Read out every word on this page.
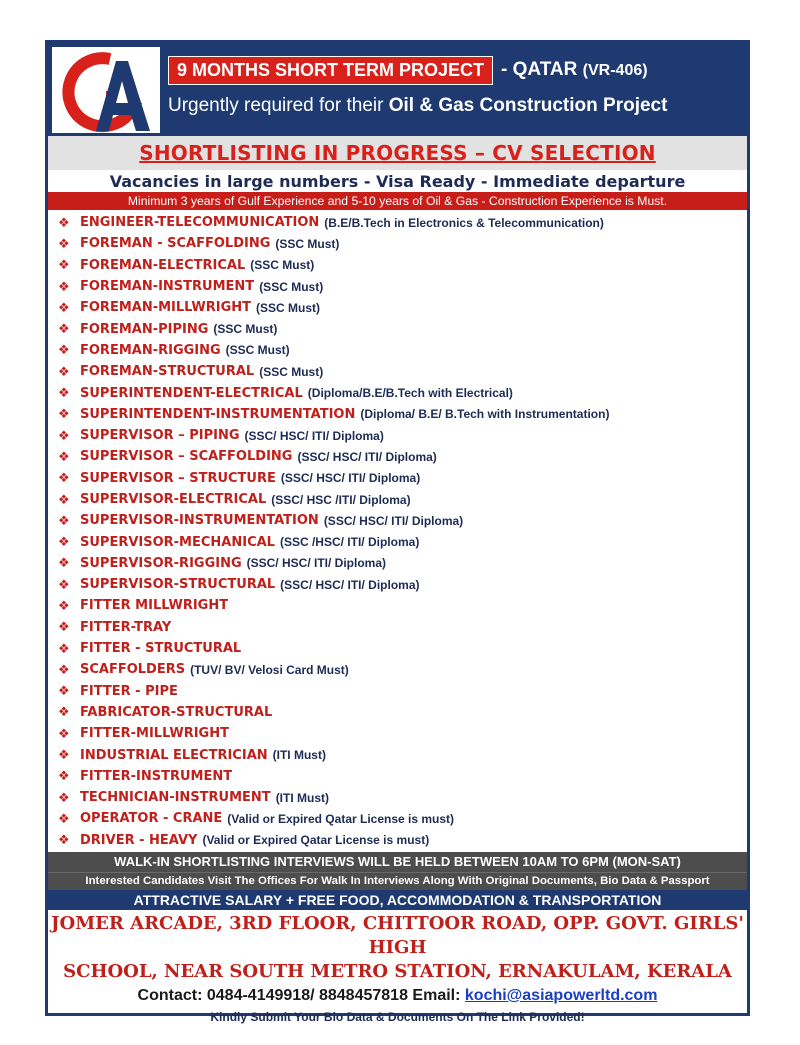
9 MONTHS SHORT TERM PROJECT - QATAR (VR-406)
Urgently required for their Oil & Gas Construction Project
SHORTLISTING IN PROGRESS – CV SELECTION
Vacancies in large numbers - Visa Ready - Immediate departure
Minimum 3 years of Gulf Experience and 5-10 years of Oil & Gas - Construction Experience is Must.
❖ ENGINEER-TELECOMMUNICATION (B.E/B.Tech in Electronics & Telecommunication)
❖ FOREMAN - SCAFFOLDING (SSC Must)
❖ FOREMAN-ELECTRICAL (SSC Must)
❖ FOREMAN-INSTRUMENT (SSC Must)
❖ FOREMAN-MILLWRIGHT (SSC Must)
❖ FOREMAN-PIPING (SSC Must)
❖ FOREMAN-RIGGING (SSC Must)
❖ FOREMAN-STRUCTURAL (SSC Must)
❖ SUPERINTENDENT-ELECTRICAL (Diploma/B.E/B.Tech with Electrical)
❖ SUPERINTENDENT-INSTRUMENTATION (Diploma/ B.E/ B.Tech with Instrumentation)
❖ SUPERVISOR – PIPING (SSC/ HSC/ ITI/ Diploma)
❖ SUPERVISOR – SCAFFOLDING (SSC/ HSC/ ITI/ Diploma)
❖ SUPERVISOR – STRUCTURE (SSC/ HSC/ ITI/ Diploma)
❖ SUPERVISOR-ELECTRICAL (SSC/ HSC /ITI/ Diploma)
❖ SUPERVISOR-INSTRUMENTATION (SSC/ HSC/ ITI/ Diploma)
❖ SUPERVISOR-MECHANICAL (SSC /HSC/ ITI/ Diploma)
❖ SUPERVISOR-RIGGING (SSC/ HSC/ ITI/ Diploma)
❖ SUPERVISOR-STRUCTURAL (SSC/ HSC/ ITI/ Diploma)
❖ FITTER MILLWRIGHT
❖ FITTER-TRAY
❖ FITTER - STRUCTURAL
❖ SCAFFOLDERS (TUV/ BV/ Velosi Card Must)
❖ FITTER - PIPE
❖ FABRICATOR-STRUCTURAL
❖ FITTER-MILLWRIGHT
❖ INDUSTRIAL ELECTRICIAN (ITI Must)
❖ FITTER-INSTRUMENT
❖ TECHNICIAN-INSTRUMENT (ITI Must)
❖ OPERATOR - CRANE (Valid or Expired Qatar License is must)
❖ DRIVER - HEAVY (Valid or Expired Qatar License is must)
WALK-IN SHORTLISTING INTERVIEWS WILL BE HELD BETWEEN 10AM TO 6PM (MON-SAT)
Interested Candidates Visit The Offices For Walk In Interviews Along With Original Documents, Bio Data & Passport
ATTRACTIVE SALARY + FREE FOOD, ACCOMMODATION & TRANSPORTATION
JOMER ARCADE, 3RD FLOOR, CHITTOOR ROAD, OPP. GOVT. GIRLS' HIGH
SCHOOL, NEAR SOUTH METRO STATION, ERNAKULAM, KERALA
Contact: 0484-4149918/ 8848457818 Email: kochi@asiapowerltd.com
Kindly Submit Your Bio Data & Documents On The Link Provided!
